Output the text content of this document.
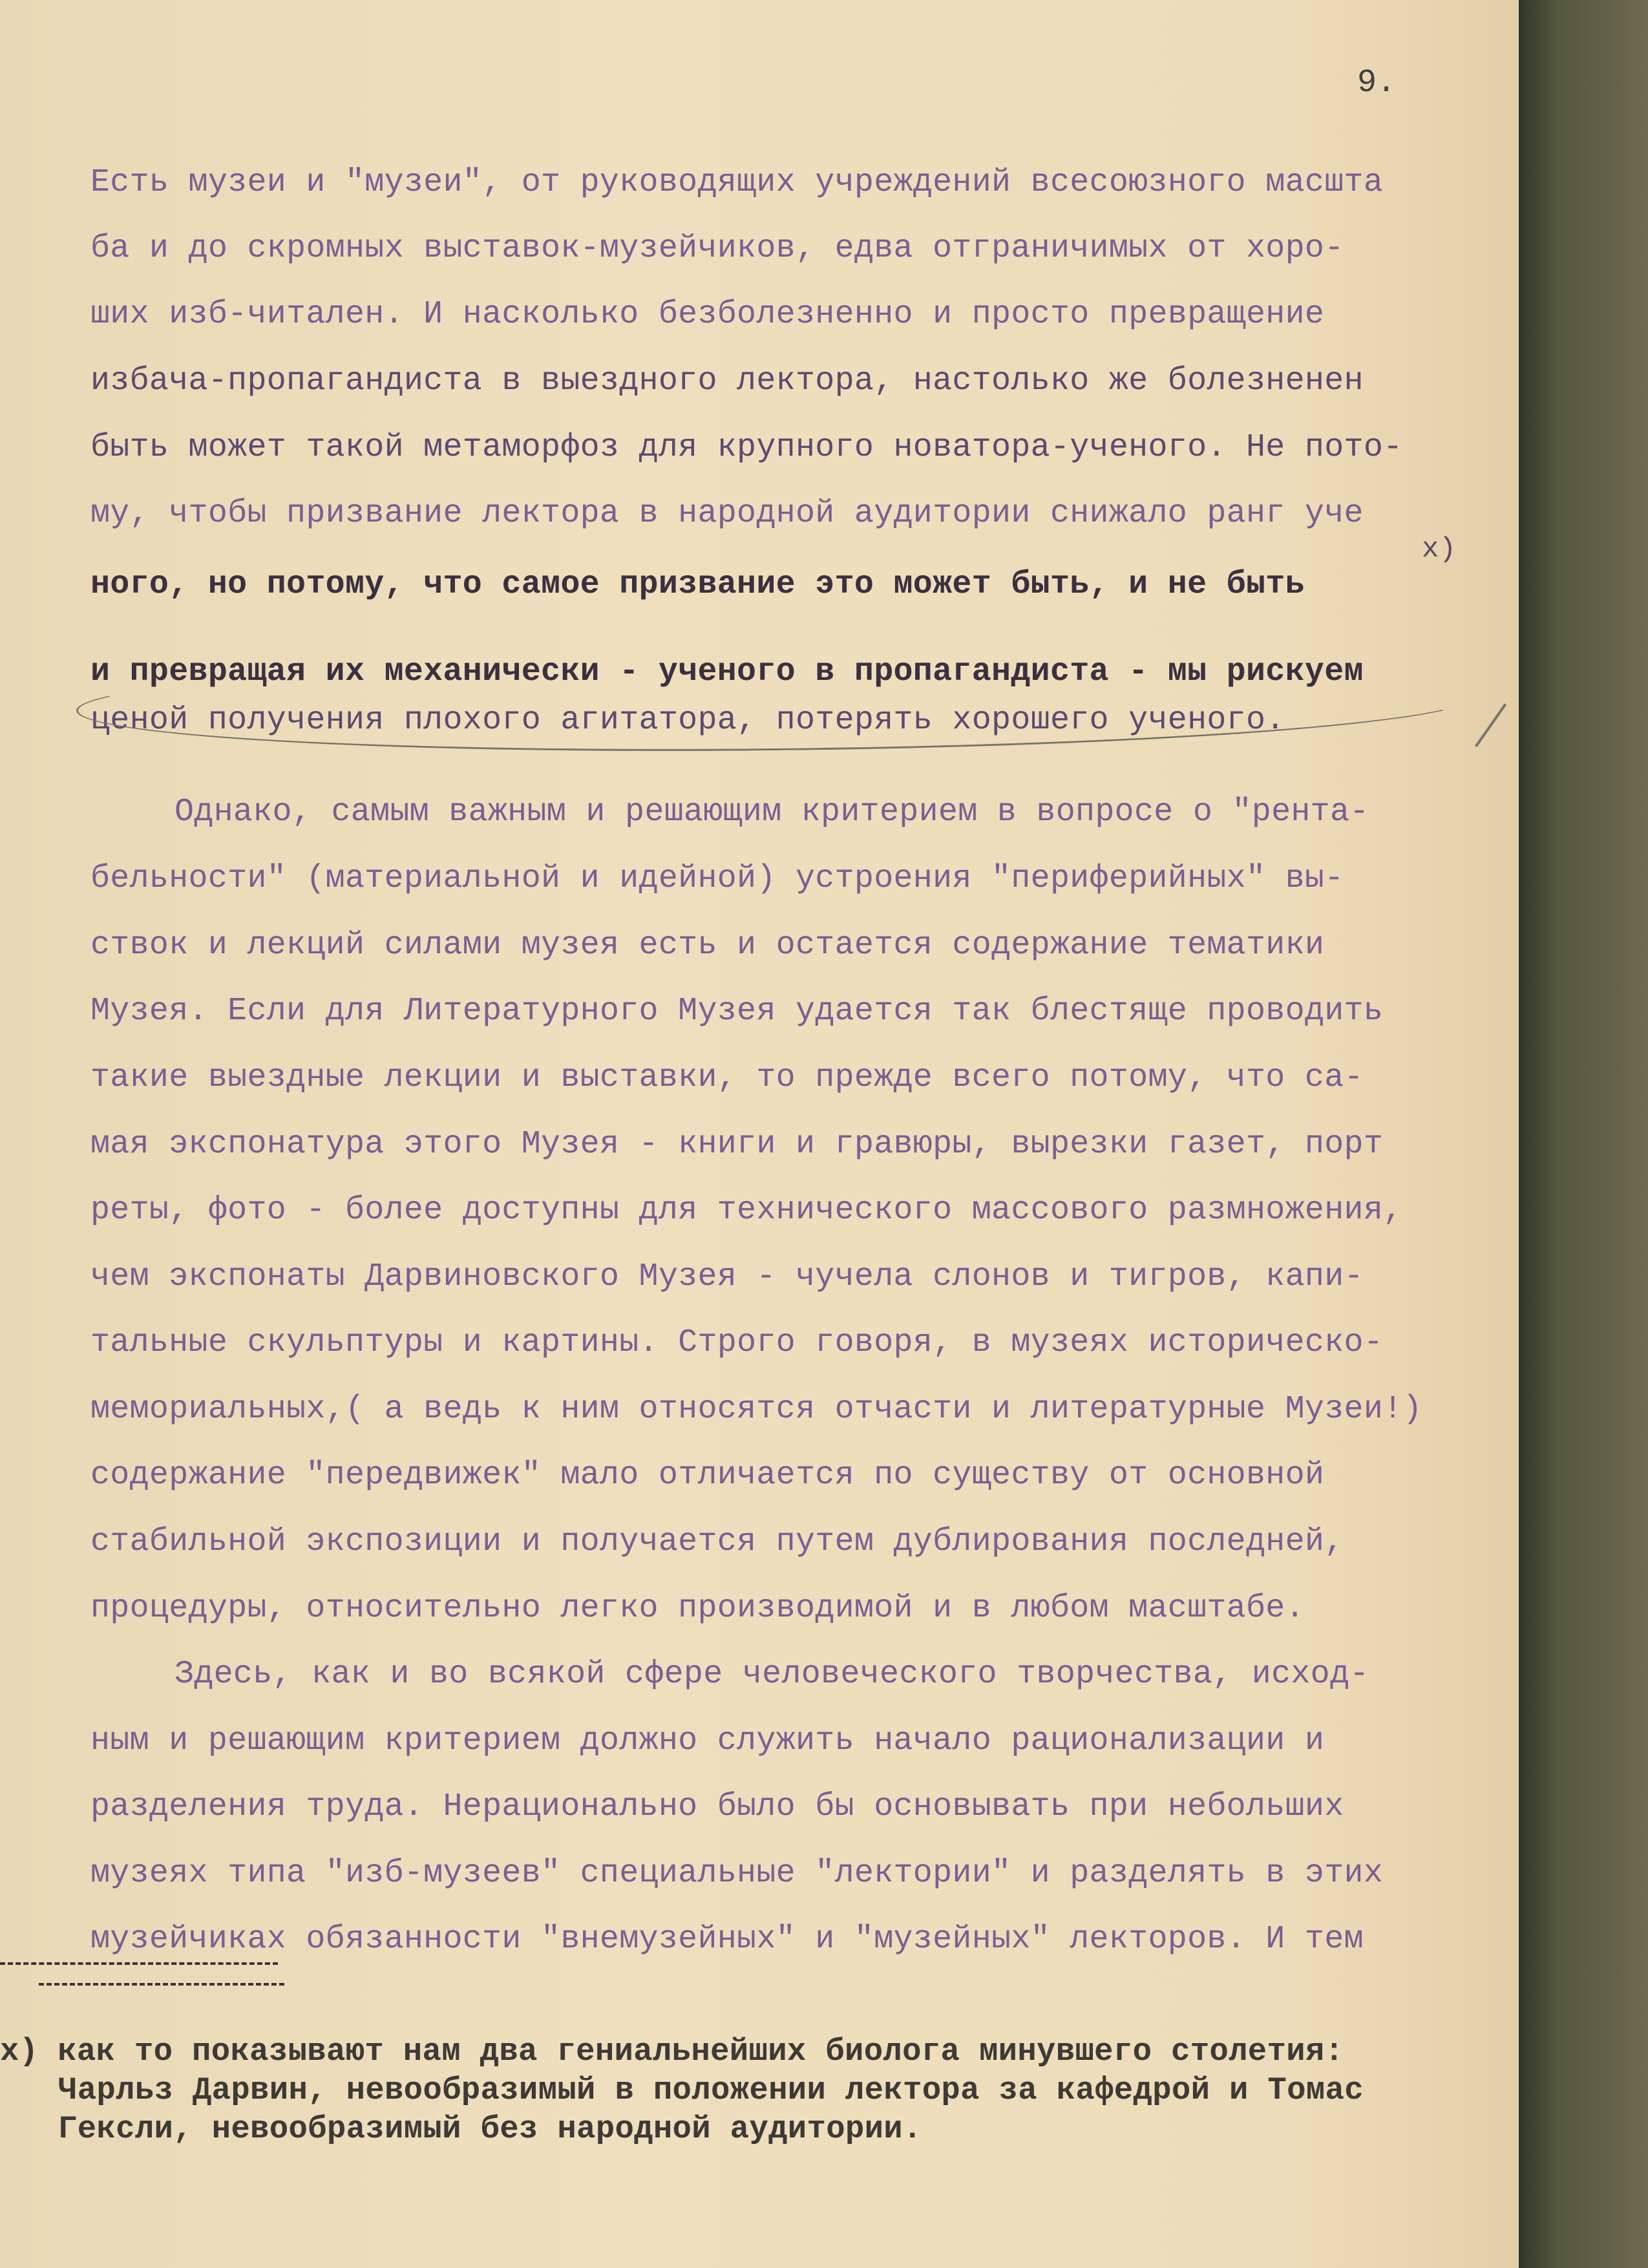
9.
Есть музеи и "музеи", от руководящих учреждений всесоюзного масшта
ба и до скромных выставок-музейчиков, едва отграничимых от хоро-
ших изб-читален. И насколько безболезненно и просто превращение
избача-пропагандиста в выездного лектора, настолько же болезненен
быть может такой метаморфоз для крупного новатора-ученого. Не пото-
му, чтобы призвание лектора в народной аудитории снижало ранг уче
х)
ного, но потому, что самое призвание это может быть, и не быть
и превращая их механически - ученого в пропагандиста - мы рискуем
ценой получения плохого агитатора, потерять хорошего ученого.
Однако, самым важным и решающим критерием в вопросе о "рента-
бельности" (материальной и идейной) устроения "периферийных" вы-
ствок и лекций силами музея есть и остается содержание тематики
Музея. Если для Литературного Музея удается так блестяще проводить
такие выездные лекции и выставки, то прежде всего потому, что са-
мая экспонатура этого Музея - книги и гравюры, вырезки газет, порт
реты, фото - более доступны для технического массового размножения,
чем экспонаты Дарвиновского Музея - чучела слонов и тигров, капи-
тальные скульптуры и картины. Строго говоря, в музеях историческо-
мемориальных,( а ведь к ним относятся отчасти и литературные Музеи!)
содержание "передвижек" мало отличается по существу от основной
стабильной экспозиции и получается путем дублирования последней,
процедуры, относительно легко производимой и в любом масштабе.
Здесь, как и во всякой сфере человеческого творчества, исход-
ным и решающим критерием должно служить начало рационализации и
разделения труда. Нерационально было бы основывать при небольших
музеях типа "изб-музеев" специальные "лектории" и разделять в этих
музейчиках обязанности "внемузейных" и "музейных" лекторов. И тем
х) как то показывают нам два гениальнейших биолога минувшего столетия:
Чарльз Дарвин, невообразимый в положении лектора за кафедрой и Томас
Гексли, невообразимый без народной аудитории.
